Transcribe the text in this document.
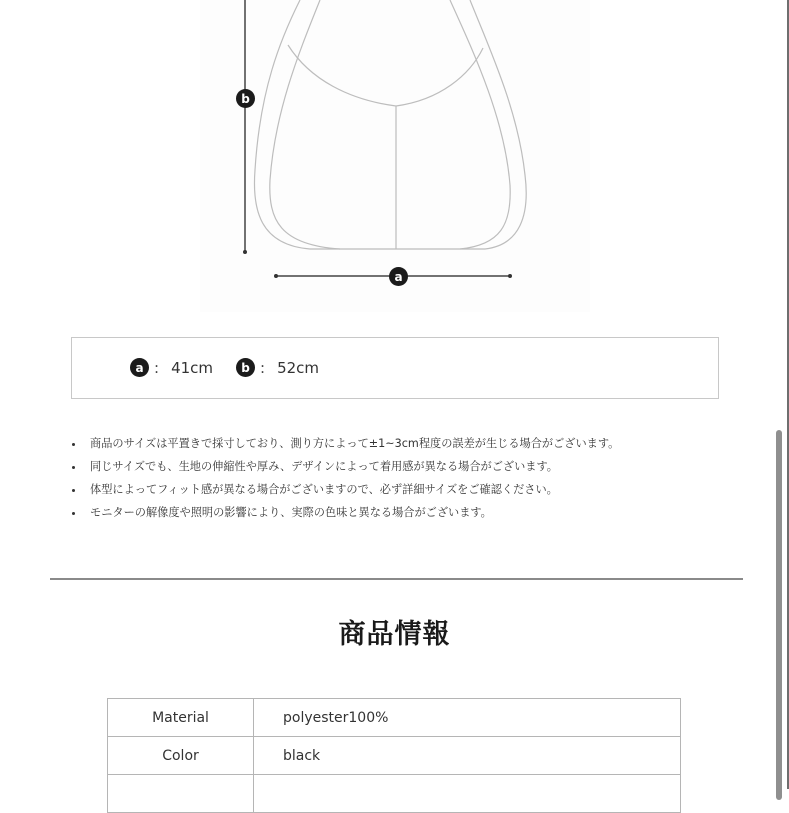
b
a
a : 41cm	b : 52cm
商品のサイズは平置きで採寸しており、測り方によって±1~3cm程度の誤差が生じる場合がございます。
同じサイズでも、生地の伸縮性や厚み、デザインによって着用感が異なる場合がございます。
体型によってフィット感が異なる場合がございますので、必ず詳細サイズをご確認ください。
モニターの解像度や照明の影響により、実際の色味と異なる場合がございます。
商品情報
Material	polyester100%
Color	black
